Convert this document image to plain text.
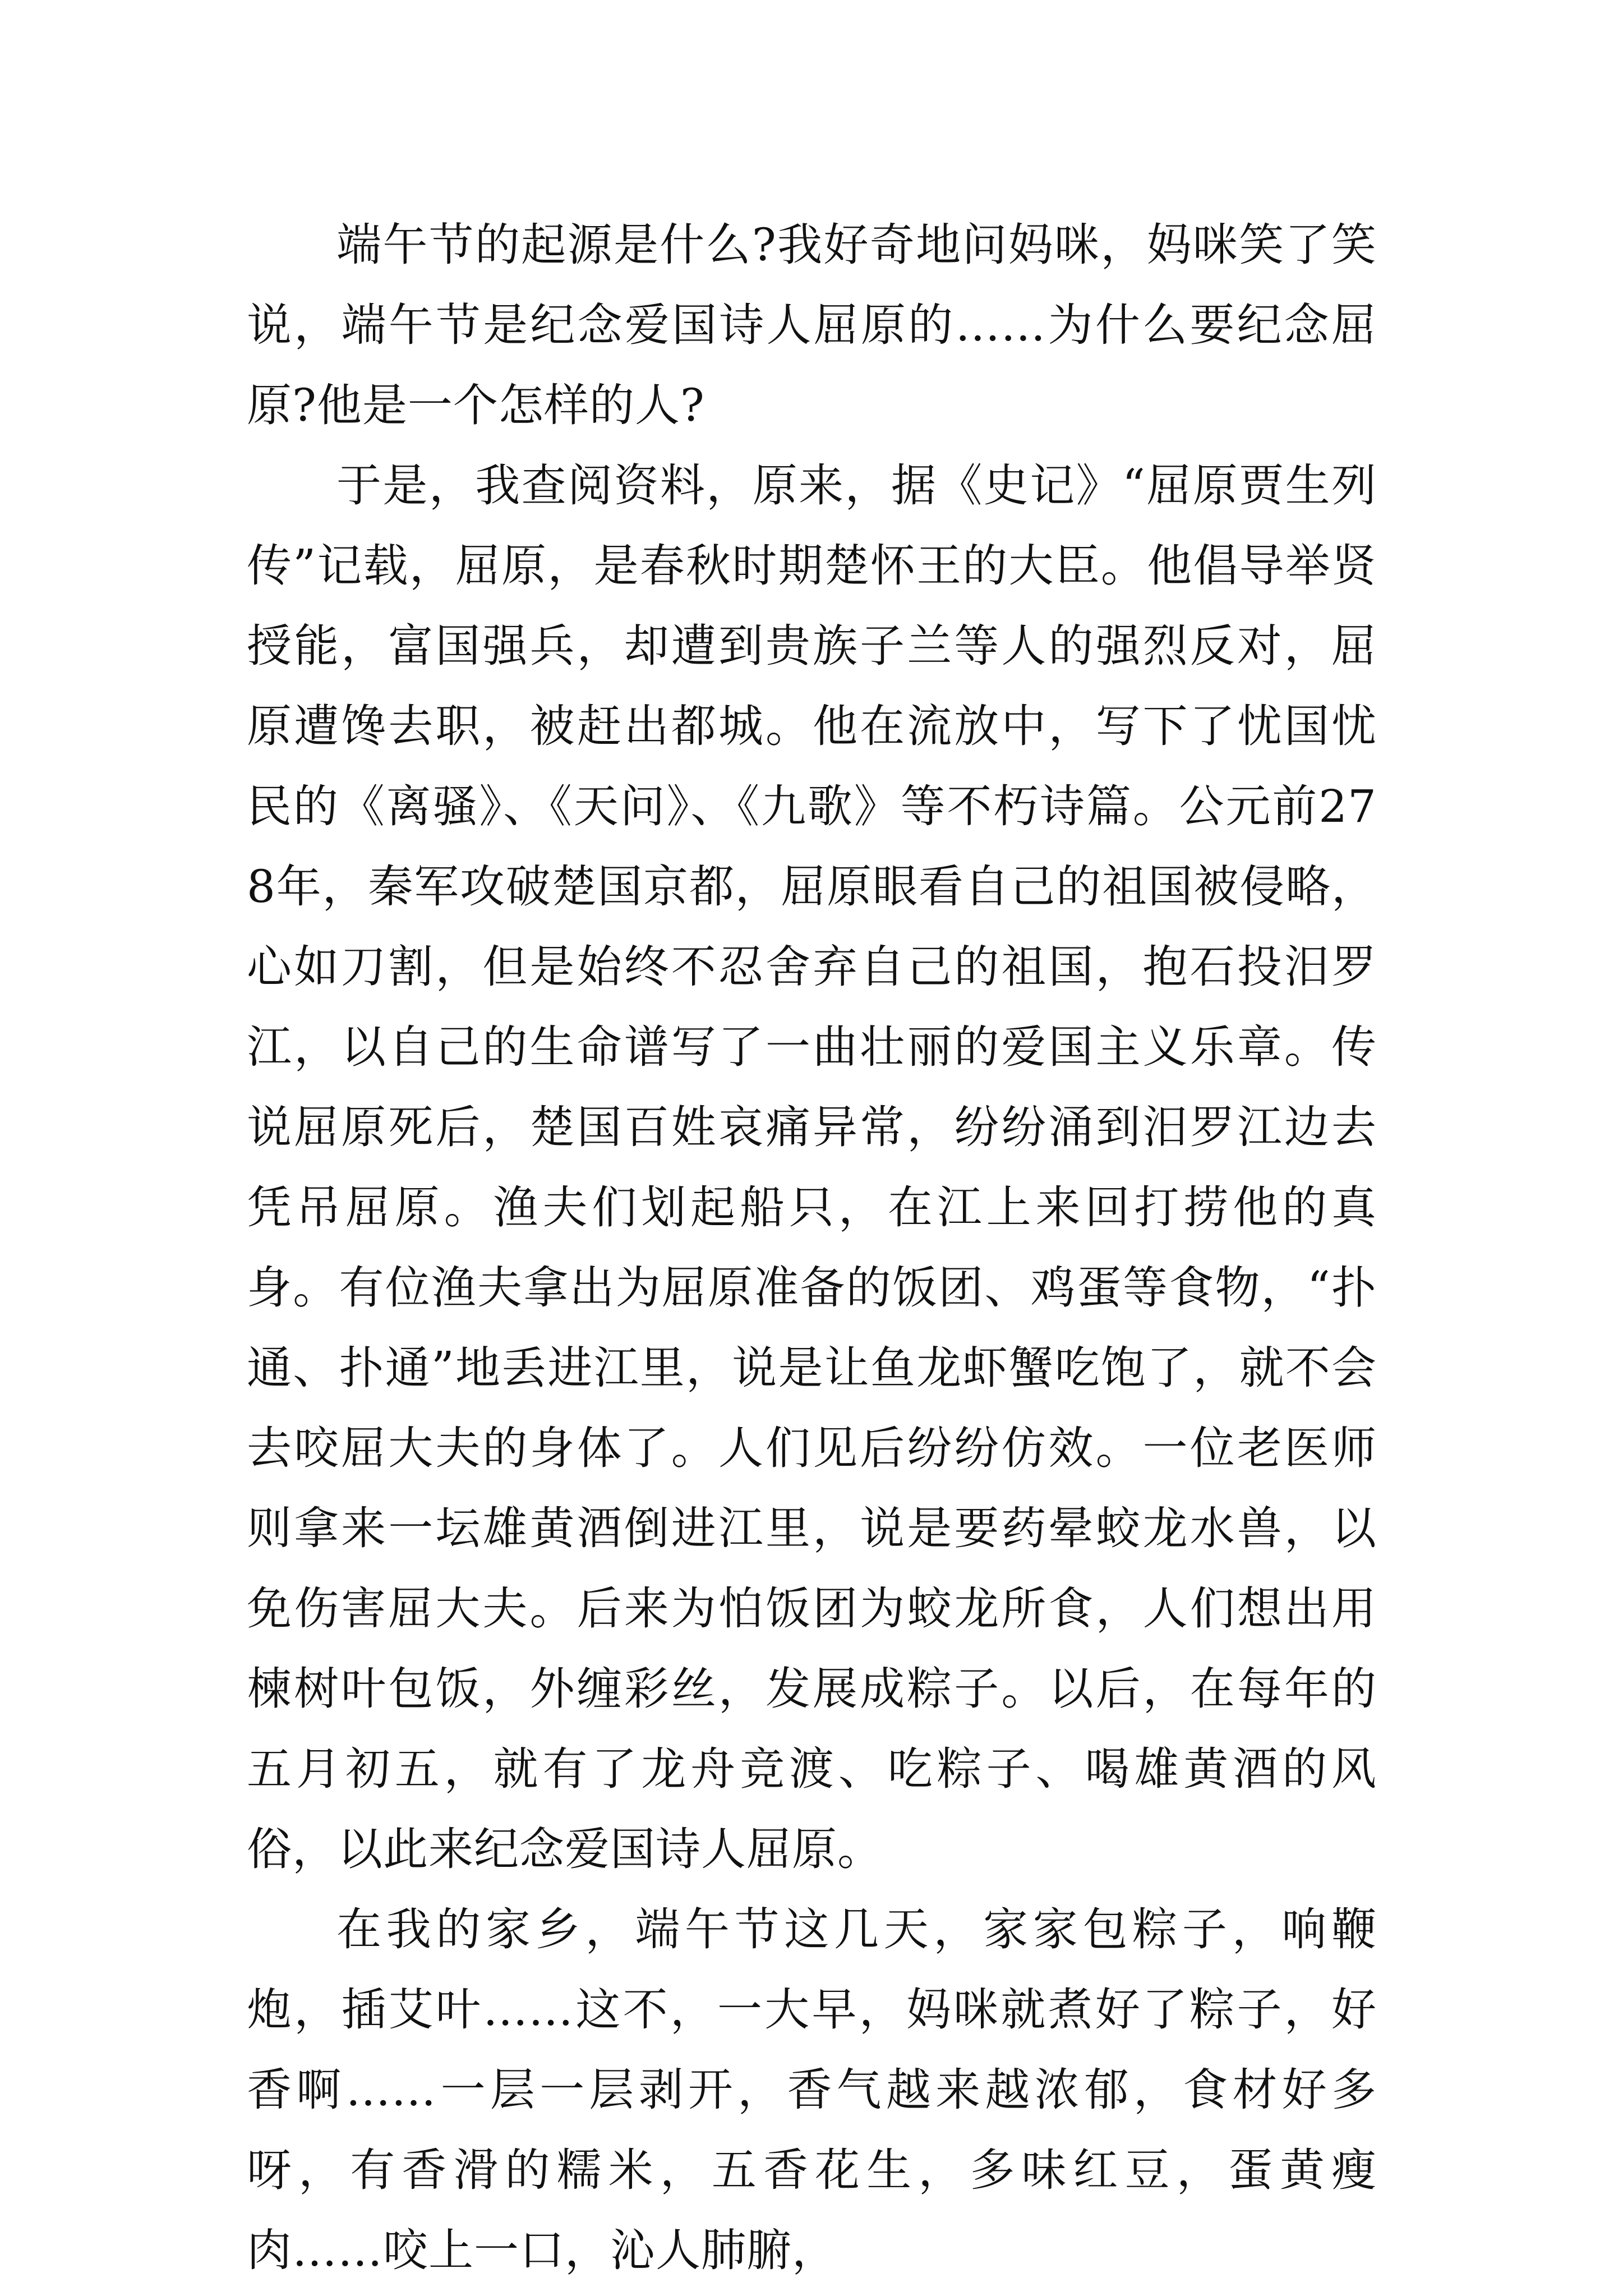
端午节的起源是什么?我好奇地问妈咪，妈咪笑了笑说，端午节是纪念爱国诗人屈原的……为什么要纪念屈原?他是一个怎样的人?

于是，我查阅资料，原来，据《史记》“屈原贾生列传”记载，屈原，是春秋时期楚怀王的大臣。他倡导举贤授能，富国强兵，却遭到贵族子兰等人的强烈反对，屈原遭馋去职，被赶出都城。他在流放中，写下了忧国忧民的《离骚》、《天问》、《九歌》等不朽诗篇。公元前278年，秦军攻破楚国京都，屈原眼看自己的祖国被侵略，心如刀割，但是始终不忍舍弃自己的祖国，抱石投汨罗江，以自己的生命谱写了一曲壮丽的爱国主义乐章。传说屈原死后，楚国百姓哀痛异常，纷纷涌到汨罗江边去凭吊屈原。渔夫们划起船只，在江上来回打捞他的真身。有位渔夫拿出为屈原准备的饭团、鸡蛋等食物，“扑通、扑通”地丢进江里，说是让鱼龙虾蟹吃饱了，就不会去咬屈大夫的身体了。人们见后纷纷仿效。一位老医师则拿来一坛雄黄酒倒进江里，说是要药晕蛟龙水兽，以免伤害屈大夫。后来为怕饭团为蛟龙所食，人们想出用楝树叶包饭，外缠彩丝，发展成粽子。以后，在每年的五月初五，就有了龙舟竞渡、吃粽子、喝雄黄酒的风俗，以此来纪念爱国诗人屈原。

在我的家乡，端午节这几天，家家包粽子，响鞭炮，插艾叶……这不，一大早，妈咪就煮好了粽子，好香啊……一层一层剥开，香气越来越浓郁，食材好多呀，有香滑的糯米，五香花生，多味红豆，蛋黄瘦肉……咬上一口，沁人肺腑，
